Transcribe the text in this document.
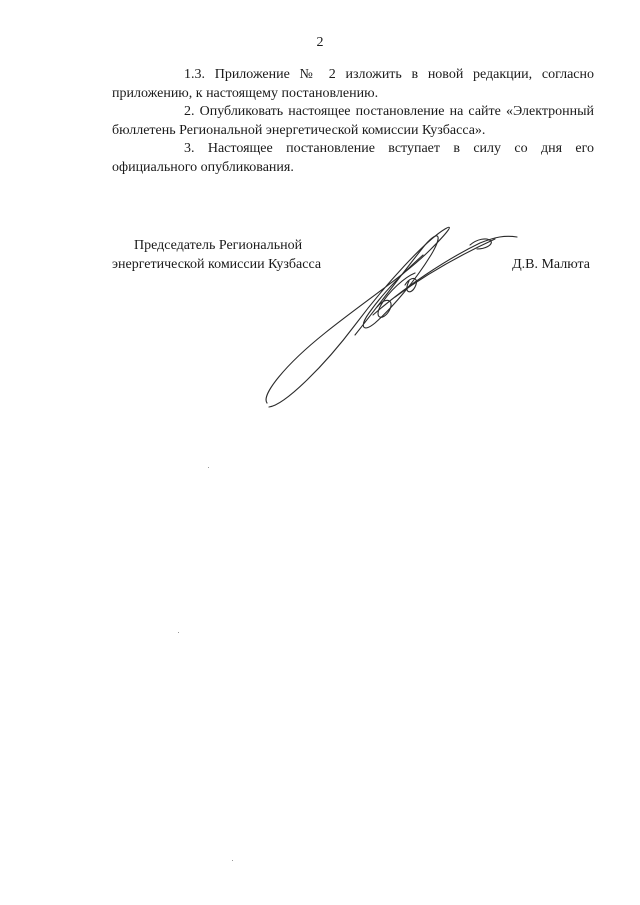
2

1.3. Приложение № 2 изложить в новой редакции, согласно приложению, к настоящему постановлению.

2. Опубликовать настоящее постановление на сайте «Электронный бюллетень Региональной энергетической комиссии Кузбасса».

3. Настоящее постановление вступает в силу со дня его официального опубликования.

Председатель Региональной
энергетической комиссии Кузбасса	Д.В. Малюта
